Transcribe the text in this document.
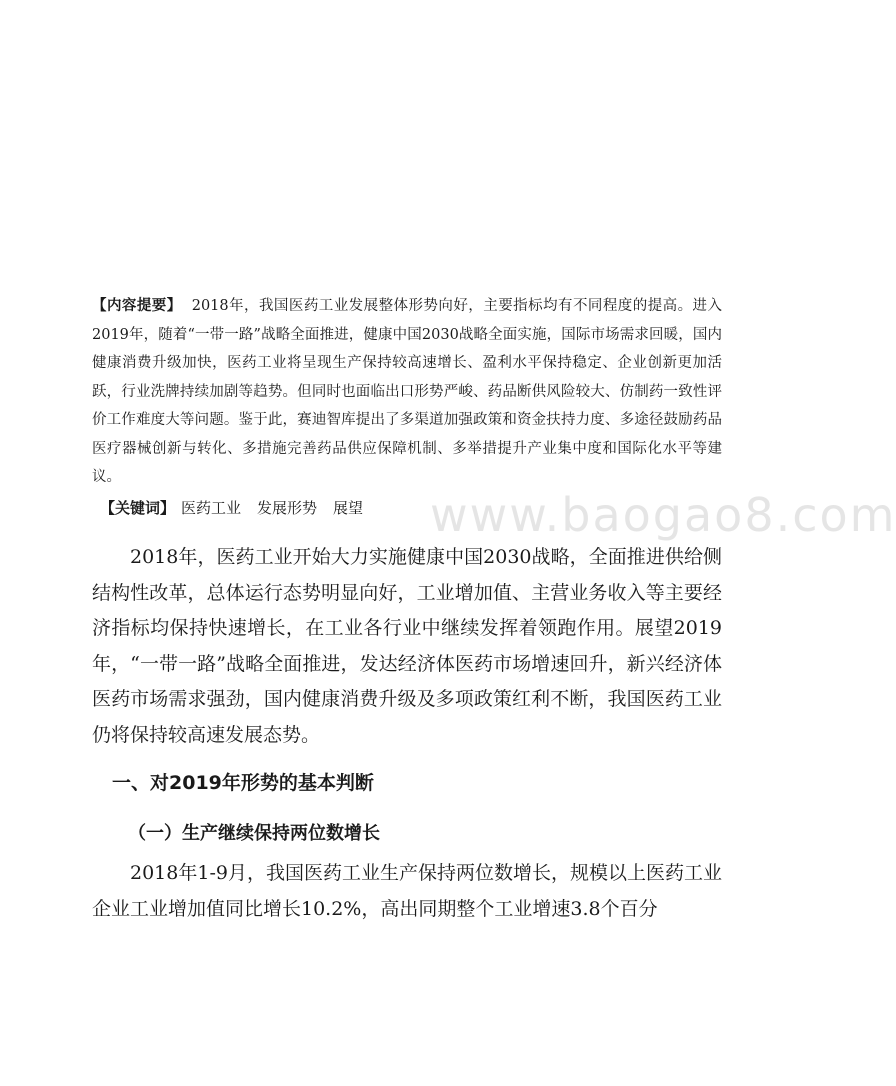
【内容提要】 2018年，我国医药工业发展整体形势向好，主要指标均有不同程度的提高。进入2019年，随着“一带一路”战略全面推进，健康中国2030战略全面实施，国际市场需求回暖，国内健康消费升级加快，医药工业将呈现生产保持较高速增长、盈利水平保持稳定、企业创新更加活跃，行业洗牌持续加剧等趋势。但同时也面临出口形势严峻、药品断供风险较大、仿制药一致性评价工作难度大等问题。鉴于此，赛迪智库提出了多渠道加强政策和资金扶持力度、多途径鼓励药品医疗器械创新与转化、多措施完善药品供应保障机制、多举措提升产业集中度和国际化水平等建议。

【关键词】 医药工业 发展形势 展望	www.baogao8.com

2018年，医药工业开始大力实施健康中国2030战略，全面推进供给侧结构性改革，总体运行态势明显向好，工业增加值、主营业务收入等主要经济指标均保持快速增长，在工业各行业中继续发挥着领跑作用。展望2019年，“一带一路”战略全面推进，发达经济体医药市场增速回升，新兴经济体医药市场需求强劲，国内健康消费升级及多项政策红利不断，我国医药工业仍将保持较高速发展态势。

一、对2019年形势的基本判断
（一）生产继续保持两位数增长

2018年1-9月，我国医药工业生产保持两位数增长，规模以上医药工业企业工业增加值同比增长10.2%，高出同期整个工业增速3.8个百分
